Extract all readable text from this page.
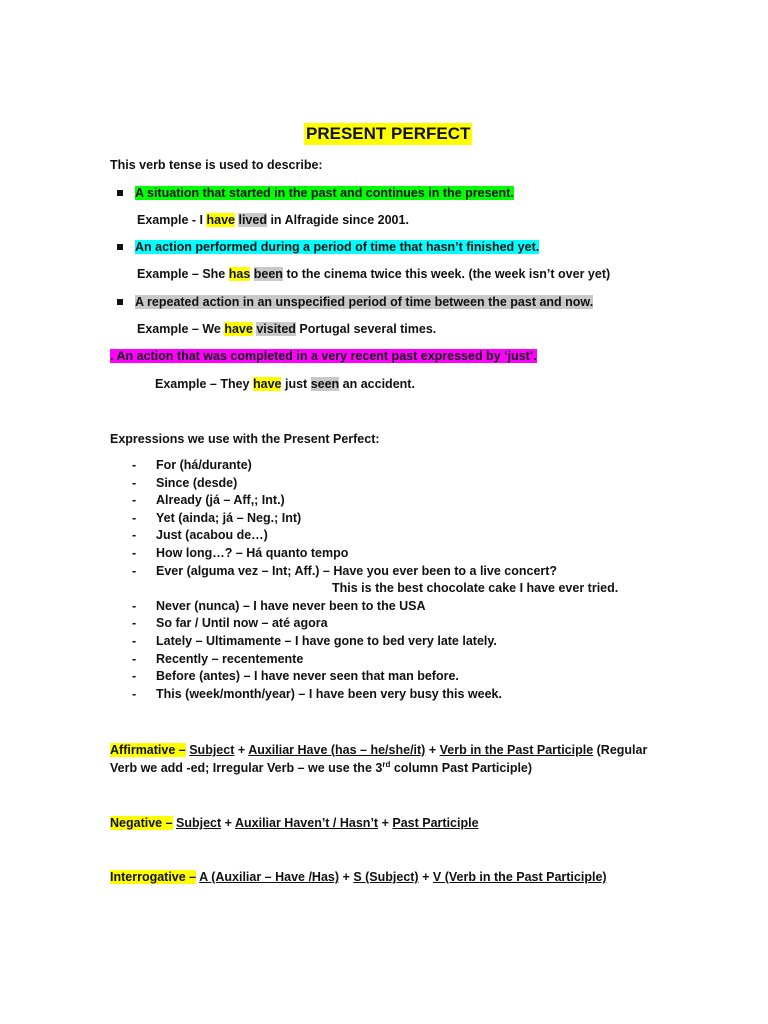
PRESENT PERFECT
This verb tense is used to describe:
A situation that started in the past and continues in the present.
Example - I have lived in Alfragide since 2001.
An action performed during a period of time that hasn’t finished yet.
Example – She has been to the cinema twice this week. (the week isn’t over yet)
A repeated action in an unspecified period of time between the past and now.
Example – We have visited Portugal several times.
. An action that was completed in a very recent past expressed by ‘just’.
Example – They have just seen an accident.
Expressions we use with the Present Perfect:
- For (há/durante)
- Since (desde)
- Already (já – Aff,; Int.)
- Yet (ainda; já – Neg.; Int)
- Just (acabou de…)
- How long…? – Há quanto tempo
- Ever (alguma vez – Int; Aff.) – Have you ever been to a live concert?
This is the best chocolate cake I have ever tried.
- Never (nunca) – I have never been to the USA
- So far / Until now – até agora
- Lately – Ultimamente – I have gone to bed very late lately.
- Recently – recentemente
- Before (antes) – I have never seen that man before.
- This (week/month/year) – I have been very busy this week.
Affirmative – Subject + Auxiliar Have (has – he/she/it) + Verb in the Past Participle (Regular
Verb we add -ed; Irregular Verb – we use the 3rd column Past Participle)
Negative – Subject + Auxiliar Haven’t / Hasn’t + Past Participle
Interrogative – A (Auxiliar – Have /Has) + S (Subject) + V (Verb in the Past Participle)
